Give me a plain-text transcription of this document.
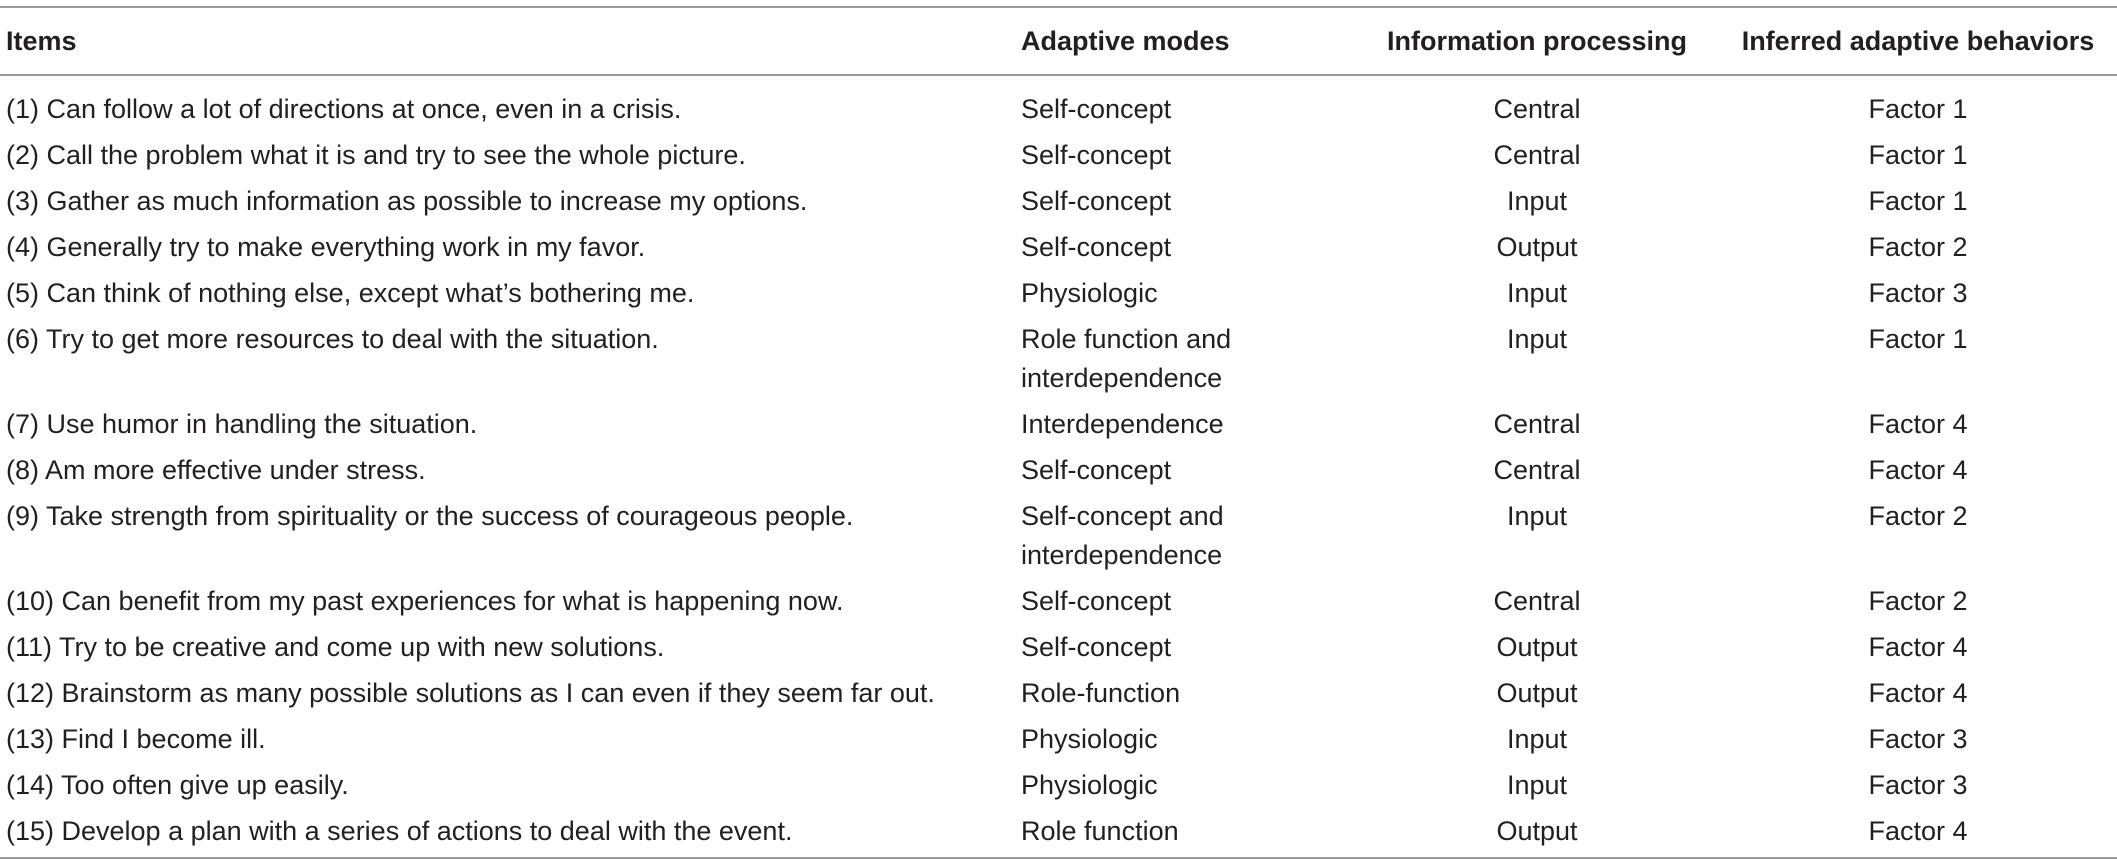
Items	Adaptive modes	Information processing	Inferred adaptive behaviors
(1) Can follow a lot of directions at once, even in a crisis.	Self-concept	Central	Factor 1
(2) Call the problem what it is and try to see the whole picture.	Self-concept	Central	Factor 1
(3) Gather as much information as possible to increase my options.	Self-concept	Input	Factor 1
(4) Generally try to make everything work in my favor.	Self-concept	Output	Factor 2
(5) Can think of nothing else, except what’s bothering me.	Physiologic	Input	Factor 3
(6) Try to get more resources to deal with the situation.	Role function and interdependence	Input	Factor 1
(7) Use humor in handling the situation.	Interdependence	Central	Factor 4
(8) Am more effective under stress.	Self-concept	Central	Factor 4
(9) Take strength from spirituality or the success of courageous people.	Self-concept and interdependence	Input	Factor 2
(10) Can benefit from my past experiences for what is happening now.	Self-concept	Central	Factor 2
(11) Try to be creative and come up with new solutions.	Self-concept	Output	Factor 4
(12) Brainstorm as many possible solutions as I can even if they seem far out.	Role-function	Output	Factor 4
(13) Find I become ill.	Physiologic	Input	Factor 3
(14) Too often give up easily.	Physiologic	Input	Factor 3
(15) Develop a plan with a series of actions to deal with the event.	Role function	Output	Factor 4
